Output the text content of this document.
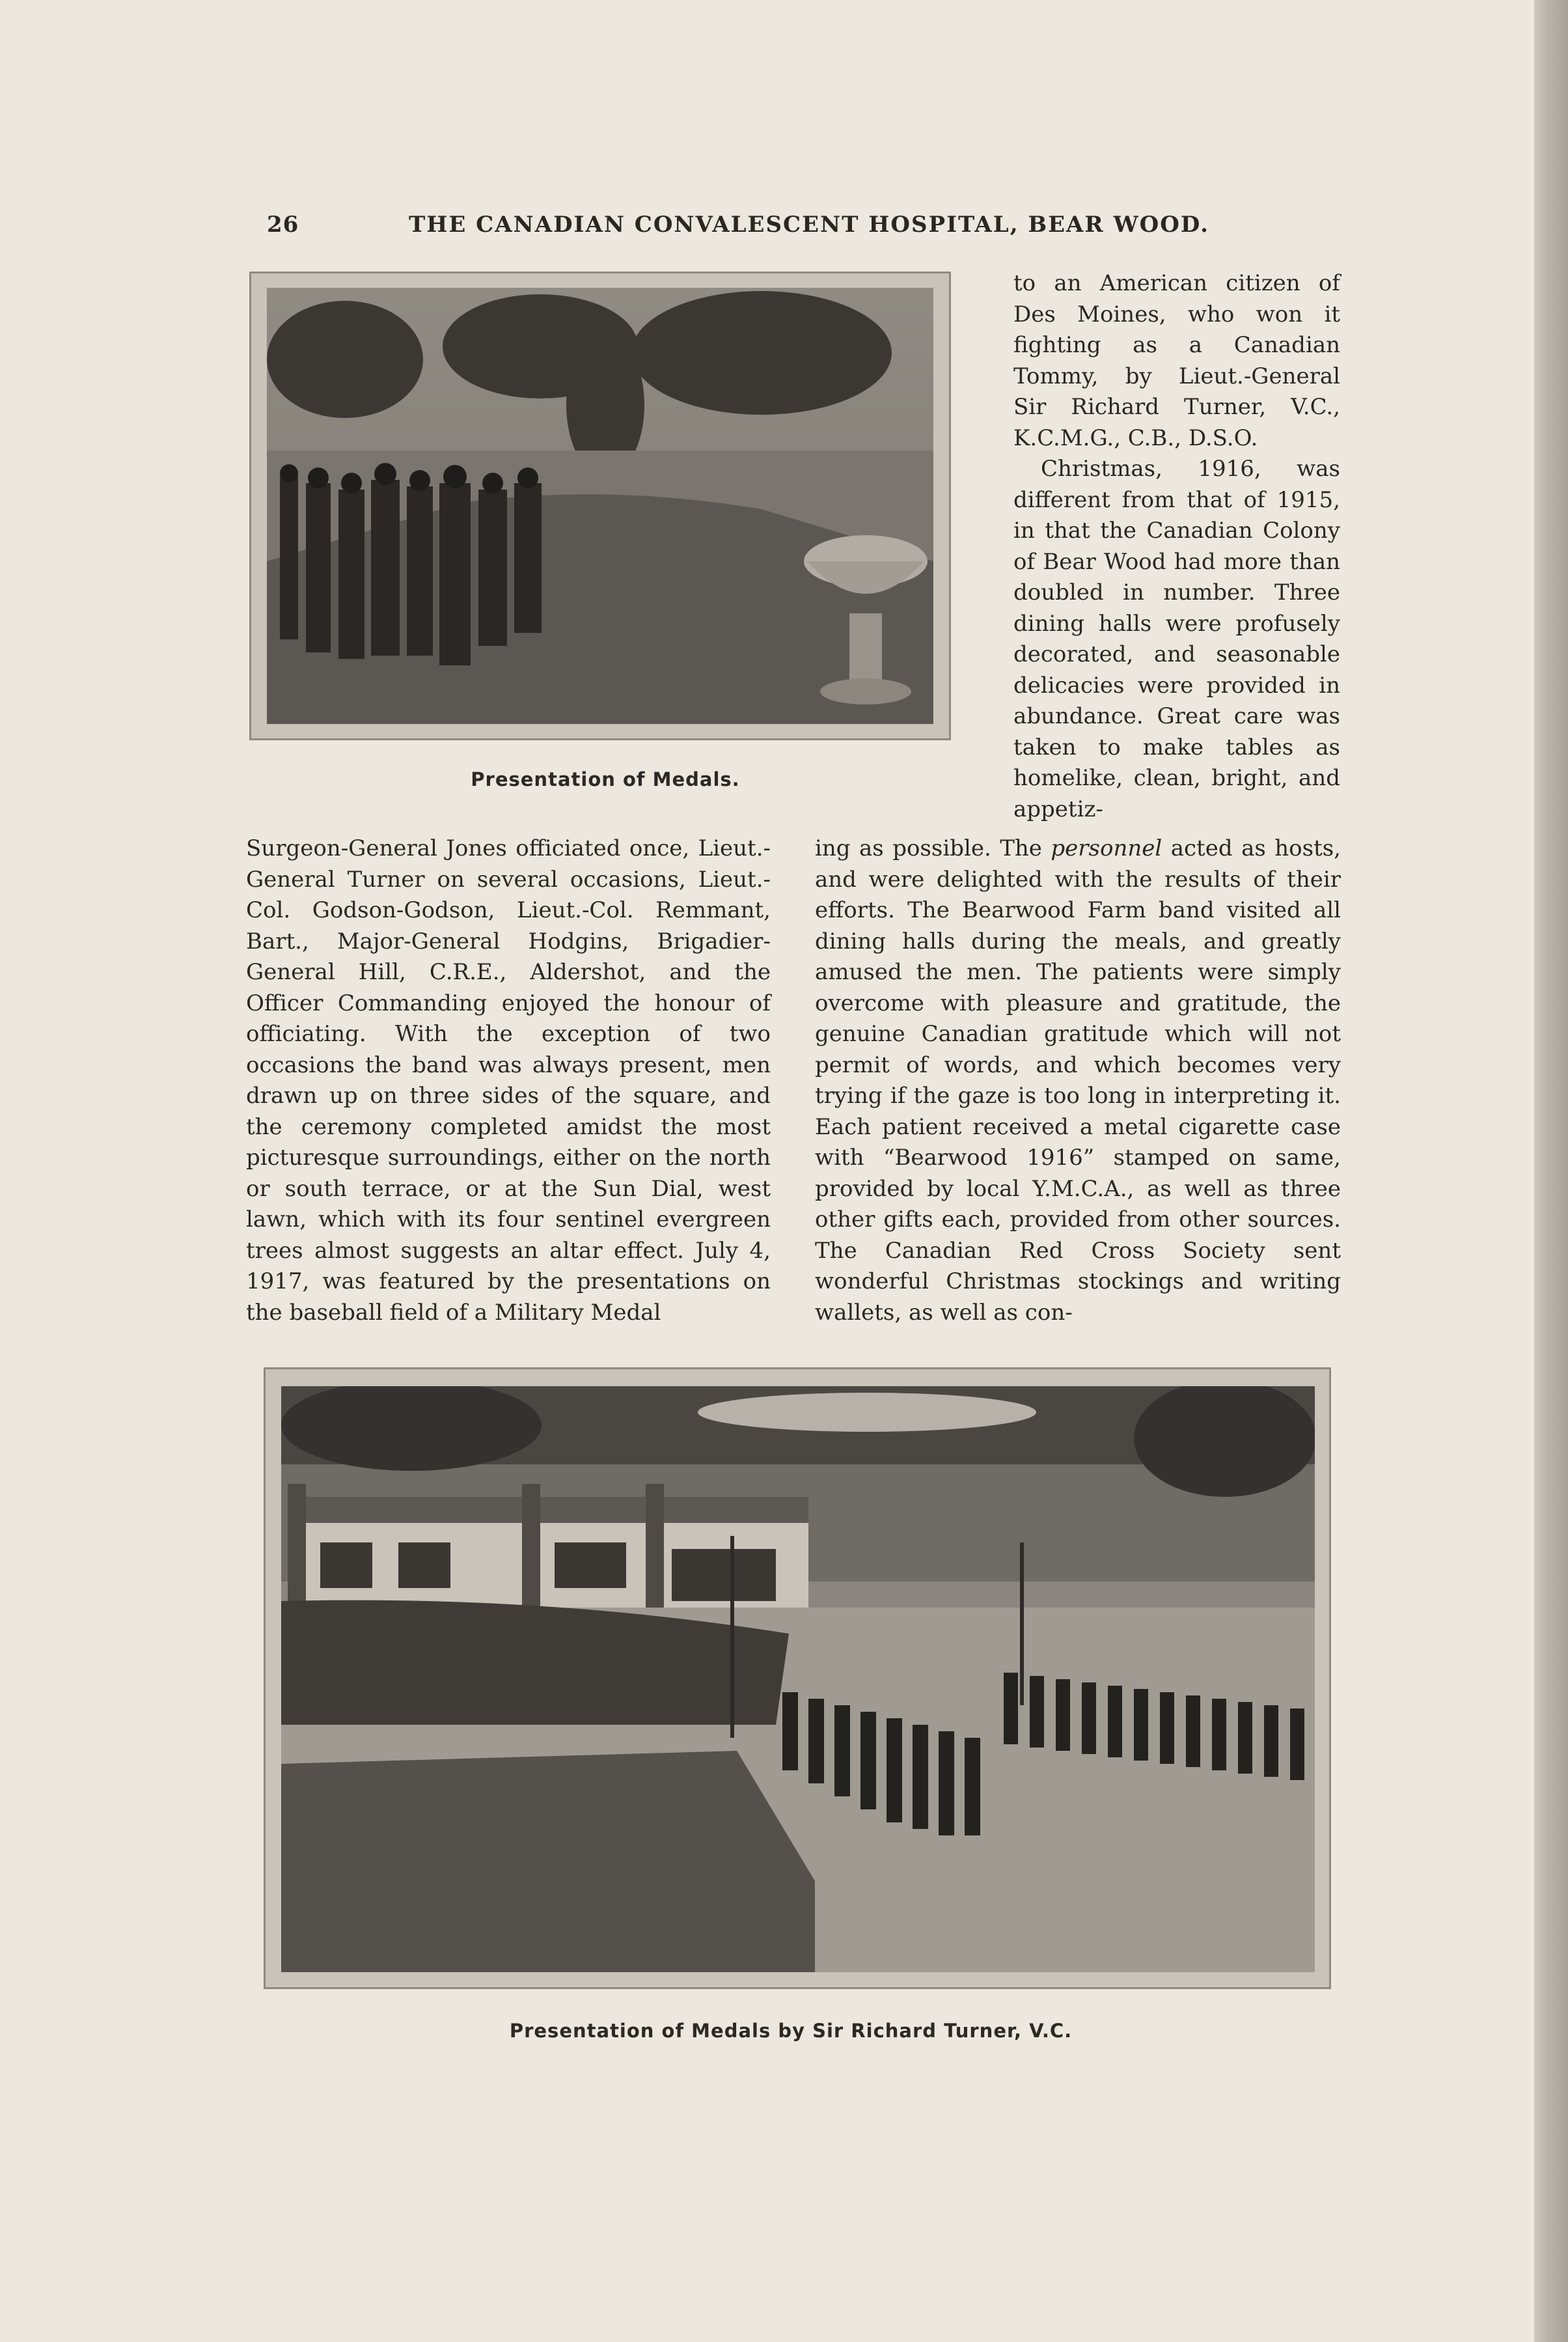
26	THE CANADIAN CONVALESCENT HOSPITAL, BEAR WOOD.
Presentation of Medals.

to an American citizen of Des Moines, who won it fighting as a Canadian Tommy, by Lieut.-General Sir Richard Turner, V.C., K.C.M.G., C.B., D.S.O.

Christmas, 1916, was different from that of 1915, in that the Canadian Colony of Bear Wood had more than doubled in number. Three dining halls were profusely decorated, and seasonable delicacies were provided in abundance. Great care was taken to make tables as homelike, clean, bright, and appetiz-

Surgeon-General Jones officiated once, Lieut.-General Turner on several occasions, Lieut.-Col. Godson-Godson, Lieut.-Col. Remmant, Bart., Major-General Hodgins, Brigadier-General Hill, C.R.E., Aldershot, and the Officer Commanding enjoyed the honour of officiating. With the exception of two occasions the band was always present, men drawn up on three sides of the square, and the ceremony completed amidst the most picturesque surroundings, either on the north or south terrace, or at the Sun Dial, west lawn, which with its four sentinel evergreen trees almost suggests an altar effect. July 4, 1917, was featured by the presentations on the baseball field of a Military Medal

ing as possible. The personnel acted as hosts, and were delighted with the results of their efforts. The Bearwood Farm band visited all dining halls during the meals, and greatly amused the men. The patients were simply overcome with pleasure and gratitude, the genuine Canadian gratitude which will not permit of words, and which becomes very trying if the gaze is too long in interpreting it. Each patient received a metal cigarette case with “Bearwood 1916” stamped on same, provided by local Y.M.C.A., as well as three other gifts each, provided from other sources. The Canadian Red Cross Society sent wonderful Christmas stockings and writing wallets, as well as con-

Presentation of Medals by Sir Richard Turner, V.C.
